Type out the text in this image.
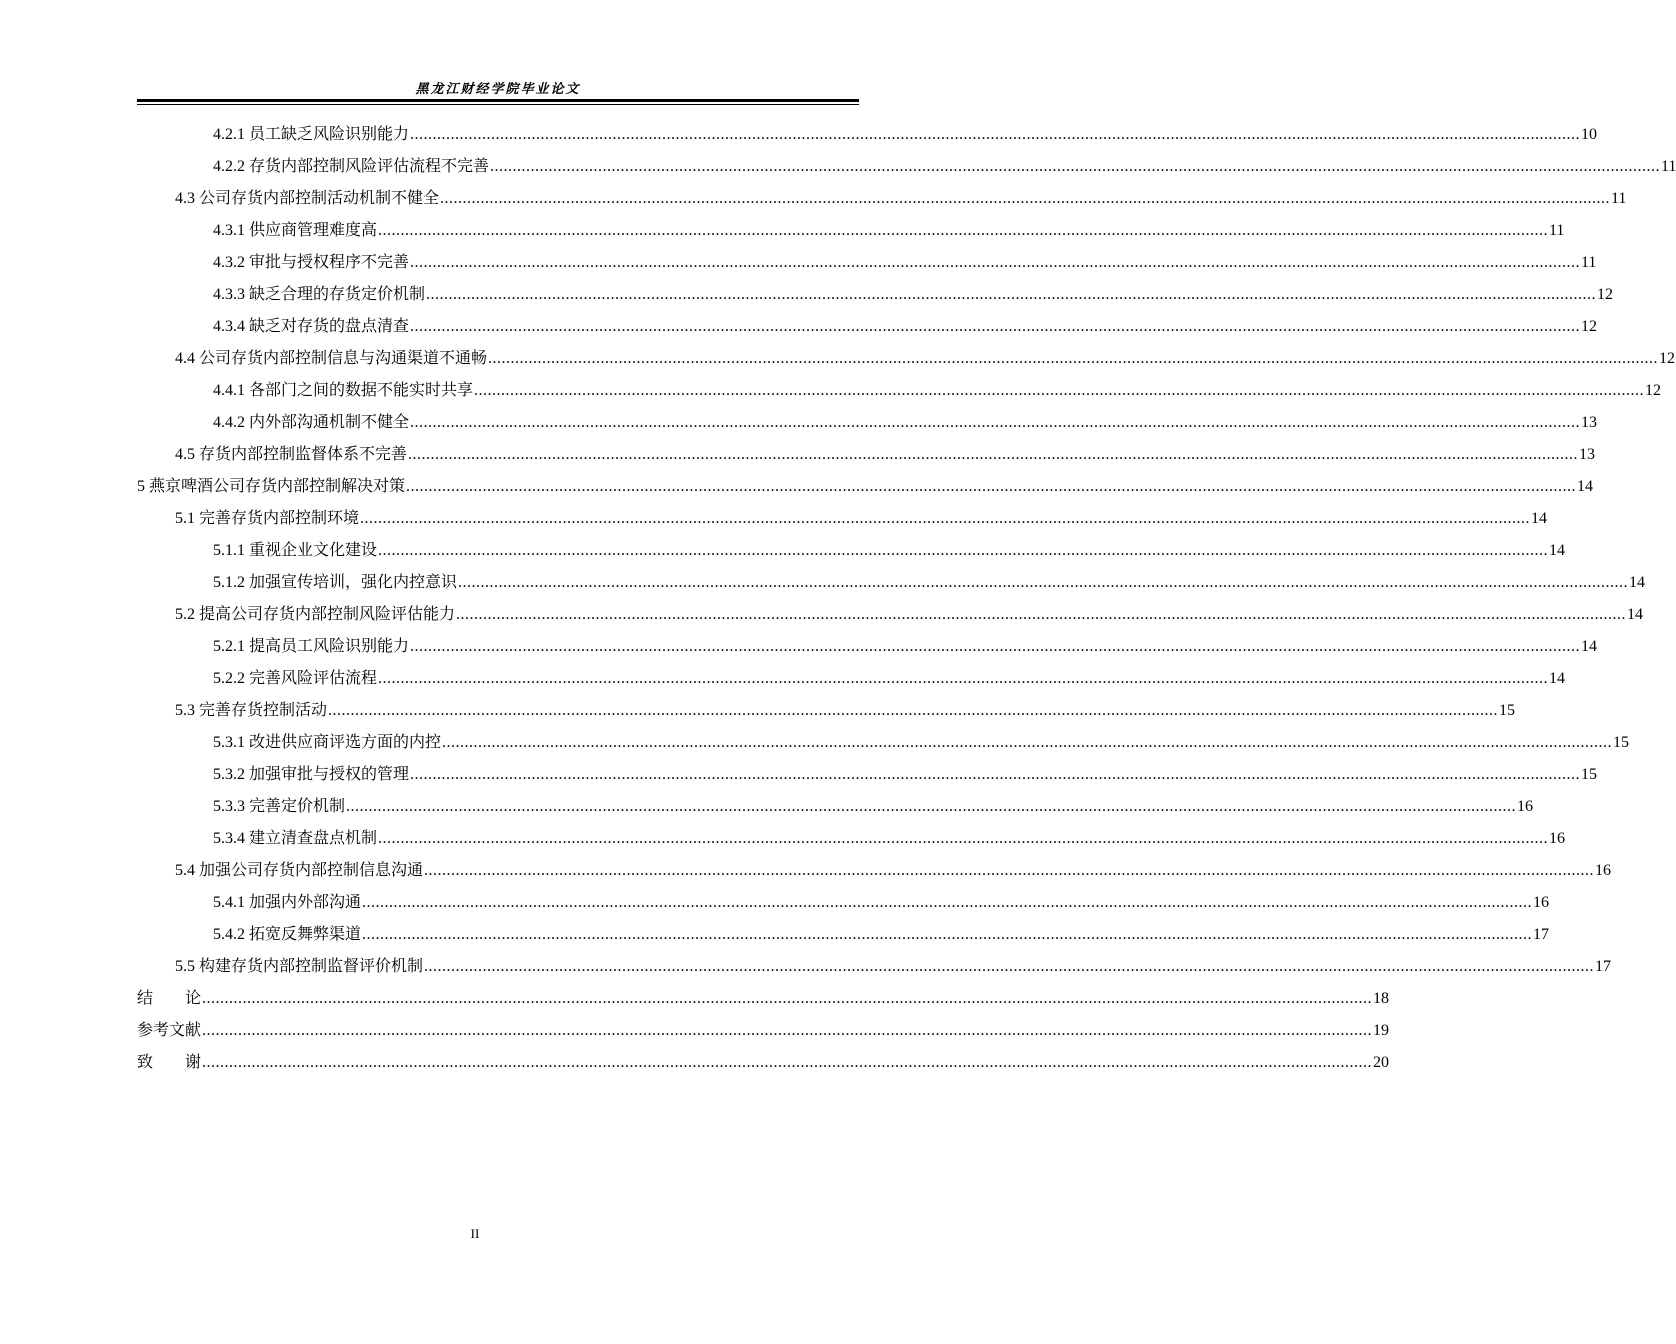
黑龙江财经学院毕业论文
4.2.1 员工缺乏风险识别能力 .................................................................................................................................................................................................................................................................... 10
4.2.2 存货内部控制风险评估流程不完善 .................................................................................................................................................................................................................................................................... 11
4.3 公司存货内部控制活动机制不健全 .................................................................................................................................................................................................................................................................... 11
4.3.1 供应商管理难度高 .................................................................................................................................................................................................................................................................... 11
4.3.2 审批与授权程序不完善 .................................................................................................................................................................................................................................................................... 11
4.3.3 缺乏合理的存货定价机制 .................................................................................................................................................................................................................................................................... 12
4.3.4 缺乏对存货的盘点清查 .................................................................................................................................................................................................................................................................... 12
4.4 公司存货内部控制信息与沟通渠道不通畅 .................................................................................................................................................................................................................................................................... 12
4.4.1 各部门之间的数据不能实时共享 .................................................................................................................................................................................................................................................................... 12
4.4.2 内外部沟通机制不健全 .................................................................................................................................................................................................................................................................... 13
4.5 存货内部控制监督体系不完善 .................................................................................................................................................................................................................................................................... 13
5 燕京啤酒公司存货内部控制解决对策 .................................................................................................................................................................................................................................................................... 14
5.1 完善存货内部控制环境 .................................................................................................................................................................................................................................................................... 14
5.1.1 重视企业文化建设 .................................................................................................................................................................................................................................................................... 14
5.1.2 加强宣传培训，强化内控意识 .................................................................................................................................................................................................................................................................... 14
5.2 提高公司存货内部控制风险评估能力 .................................................................................................................................................................................................................................................................... 14
5.2.1 提高员工风险识别能力 .................................................................................................................................................................................................................................................................... 14
5.2.2 完善风险评估流程 .................................................................................................................................................................................................................................................................... 14
5.3 完善存货控制活动 .................................................................................................................................................................................................................................................................... 15
5.3.1 改进供应商评选方面的内控 .................................................................................................................................................................................................................................................................... 15
5.3.2 加强审批与授权的管理 .................................................................................................................................................................................................................................................................... 15
5.3.3 完善定价机制 .................................................................................................................................................................................................................................................................... 16
5.3.4 建立清查盘点机制 .................................................................................................................................................................................................................................................................... 16
5.4 加强公司存货内部控制信息沟通 .................................................................................................................................................................................................................................................................... 16
5.4.1 加强内外部沟通 .................................................................................................................................................................................................................................................................... 16
5.4.2 拓宽反舞弊渠道 .................................................................................................................................................................................................................................................................... 17
5.5 构建存货内部控制监督评价机制 .................................................................................................................................................................................................................................................................... 17
结　　论 .................................................................................................................................................................................................................................................................... 18
参考文献 .................................................................................................................................................................................................................................................................... 19
致　　谢 .................................................................................................................................................................................................................................................................... 20
II
